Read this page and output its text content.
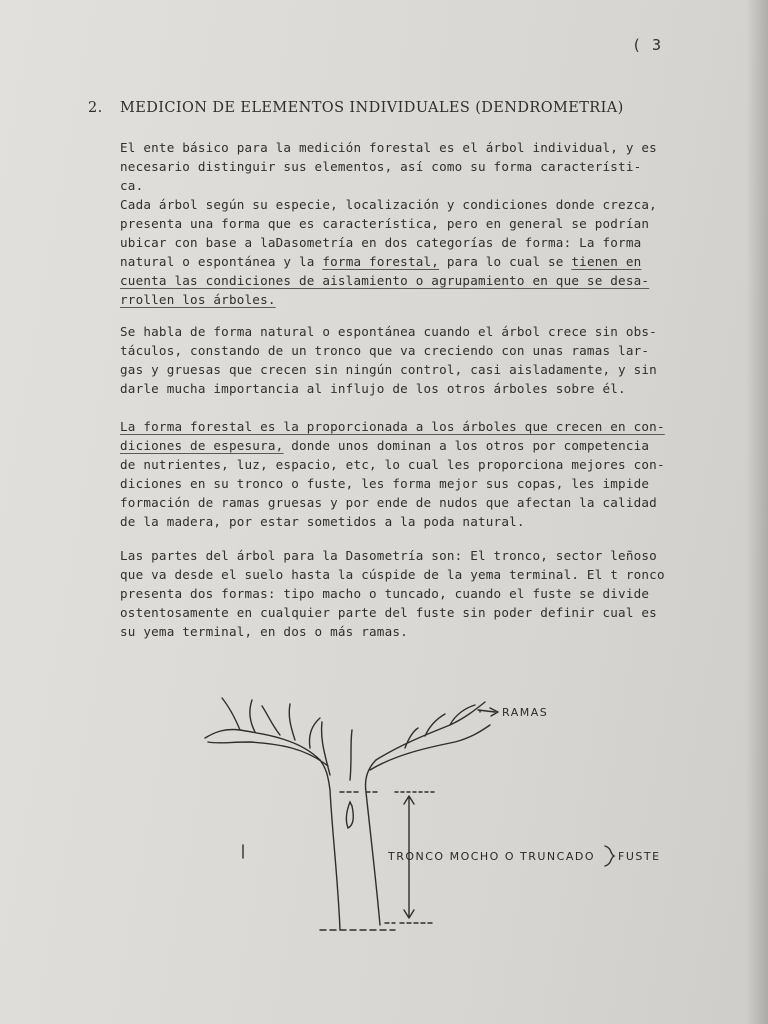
( 3
2. MEDICION DE ELEMENTOS INDIVIDUALES (DENDROMETRIA)
El ente básico para la medición forestal es el árbol individual, y es
necesario distinguir sus elementos, así como su forma característi-
ca.
Cada árbol según su especie, localización y condiciones donde crezca,
presenta una forma que es característica, pero en general se podrían
ubicar con base a laDasometría en dos categorías de forma: La forma
natural o espontánea y la forma forestal, para lo cual se tienen en
cuenta las condiciones de aislamiento o agrupamiento en que se desa-
rrollen los árboles.
Se habla de forma natural o espontánea cuando el árbol crece sin obs-
táculos, constando de un tronco que va creciendo con unas ramas lar-
gas y gruesas que crecen sin ningún control, casi aisladamente, y sin
darle mucha importancia al influjo de los otros árboles sobre él.
La forma forestal es la proporcionada a los árboles que crecen en con-
diciones de espesura, donde unos dominan a los otros por competencia
de nutrientes, luz, espacio, etc, lo cual les proporciona mejores con-
diciones en su tronco o fuste, les forma mejor sus copas, les impide
formación de ramas gruesas y por ende de nudos que afectan la calidad
de la madera, por estar sometidos a la poda natural.
Las partes del árbol para la Dasometría son: El tronco, sector leñoso
que va desde el suelo hasta la cúspide de la yema terminal. El t ronco
presenta dos formas: tipo macho o tuncado, cuando el fuste se divide
ostentosamente en cualquier parte del fuste sin poder definir cual es
su yema terminal, en dos o más ramas.
RAMAS
TRONCO MOCHO O TRUNCADO FUSTE
